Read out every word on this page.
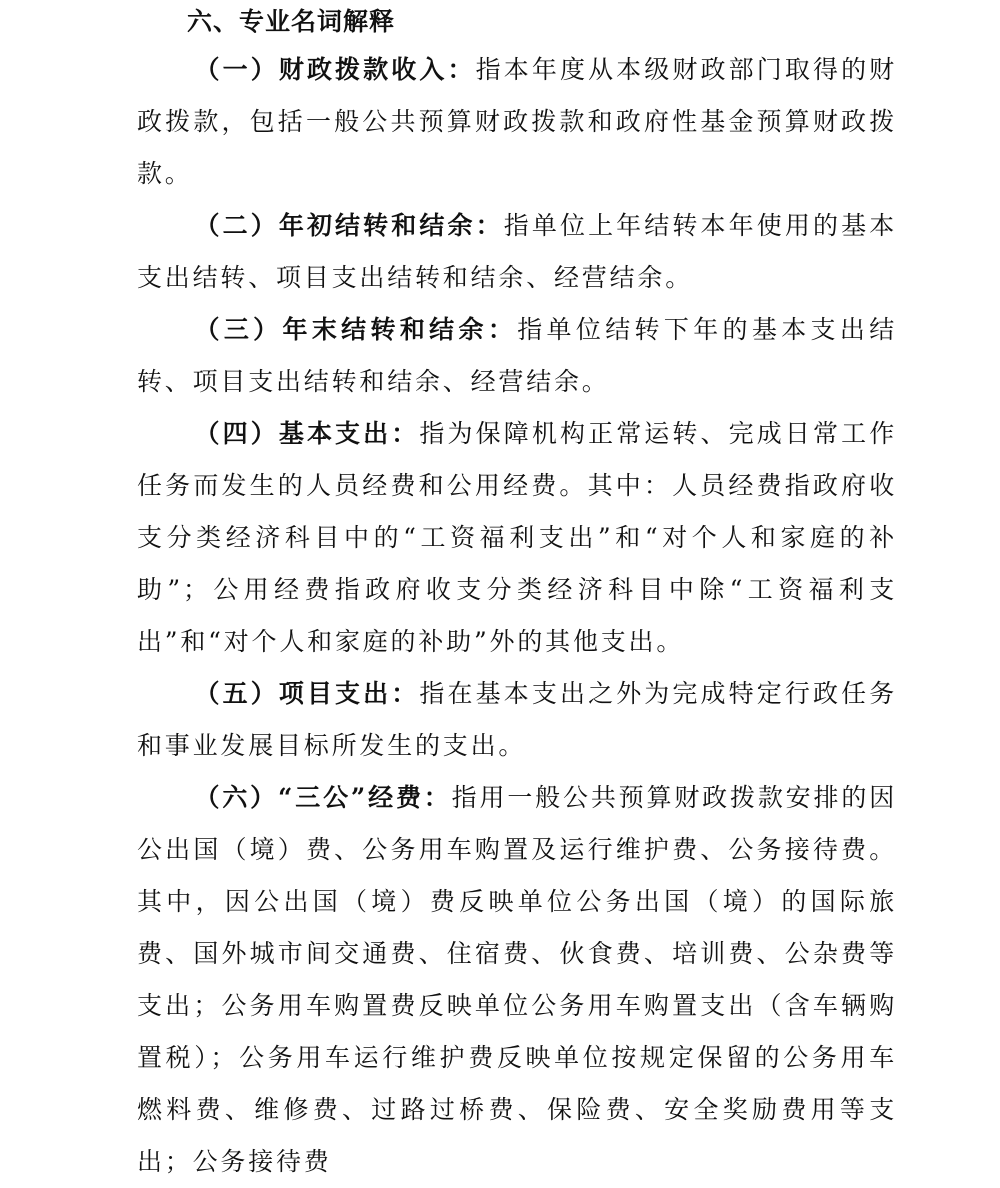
六、专业名词解释

（一）财政拨款收入：指本年度从本级财政部门取得的财政拨款，包括一般公共预算财政拨款和政府性基金预算财政拨款。

（二）年初结转和结余：指单位上年结转本年使用的基本支出结转、项目支出结转和结余、经营结余。

（三）年末结转和结余：指单位结转下年的基本支出结转、项目支出结转和结余、经营结余。

（四）基本支出：指为保障机构正常运转、完成日常工作任务而发生的人员经费和公用经费。其中：人员经费指政府收支分类经济科目中的“工资福利支出”和“对个人和家庭的补助”；公用经费指政府收支分类经济科目中除“工资福利支出”和“对个人和家庭的补助”外的其他支出。

（五）项目支出：指在基本支出之外为完成特定行政任务和事业发展目标所发生的支出。

（六）“三公”经费：指用一般公共预算财政拨款安排的因公出国（境）费、公务用车购置及运行维护费、公务接待费。其中，因公出国（境）费反映单位公务出国（境）的国际旅费、国外城市间交通费、住宿费、伙食费、培训费、公杂费等支出；公务用车购置费反映单位公务用车购置支出（含车辆购置税）；公务用车运行维护费反映单位按规定保留的公务用车燃料费、维修费、过路过桥费、保险费、安全奖励费用等支出；公务接待费
